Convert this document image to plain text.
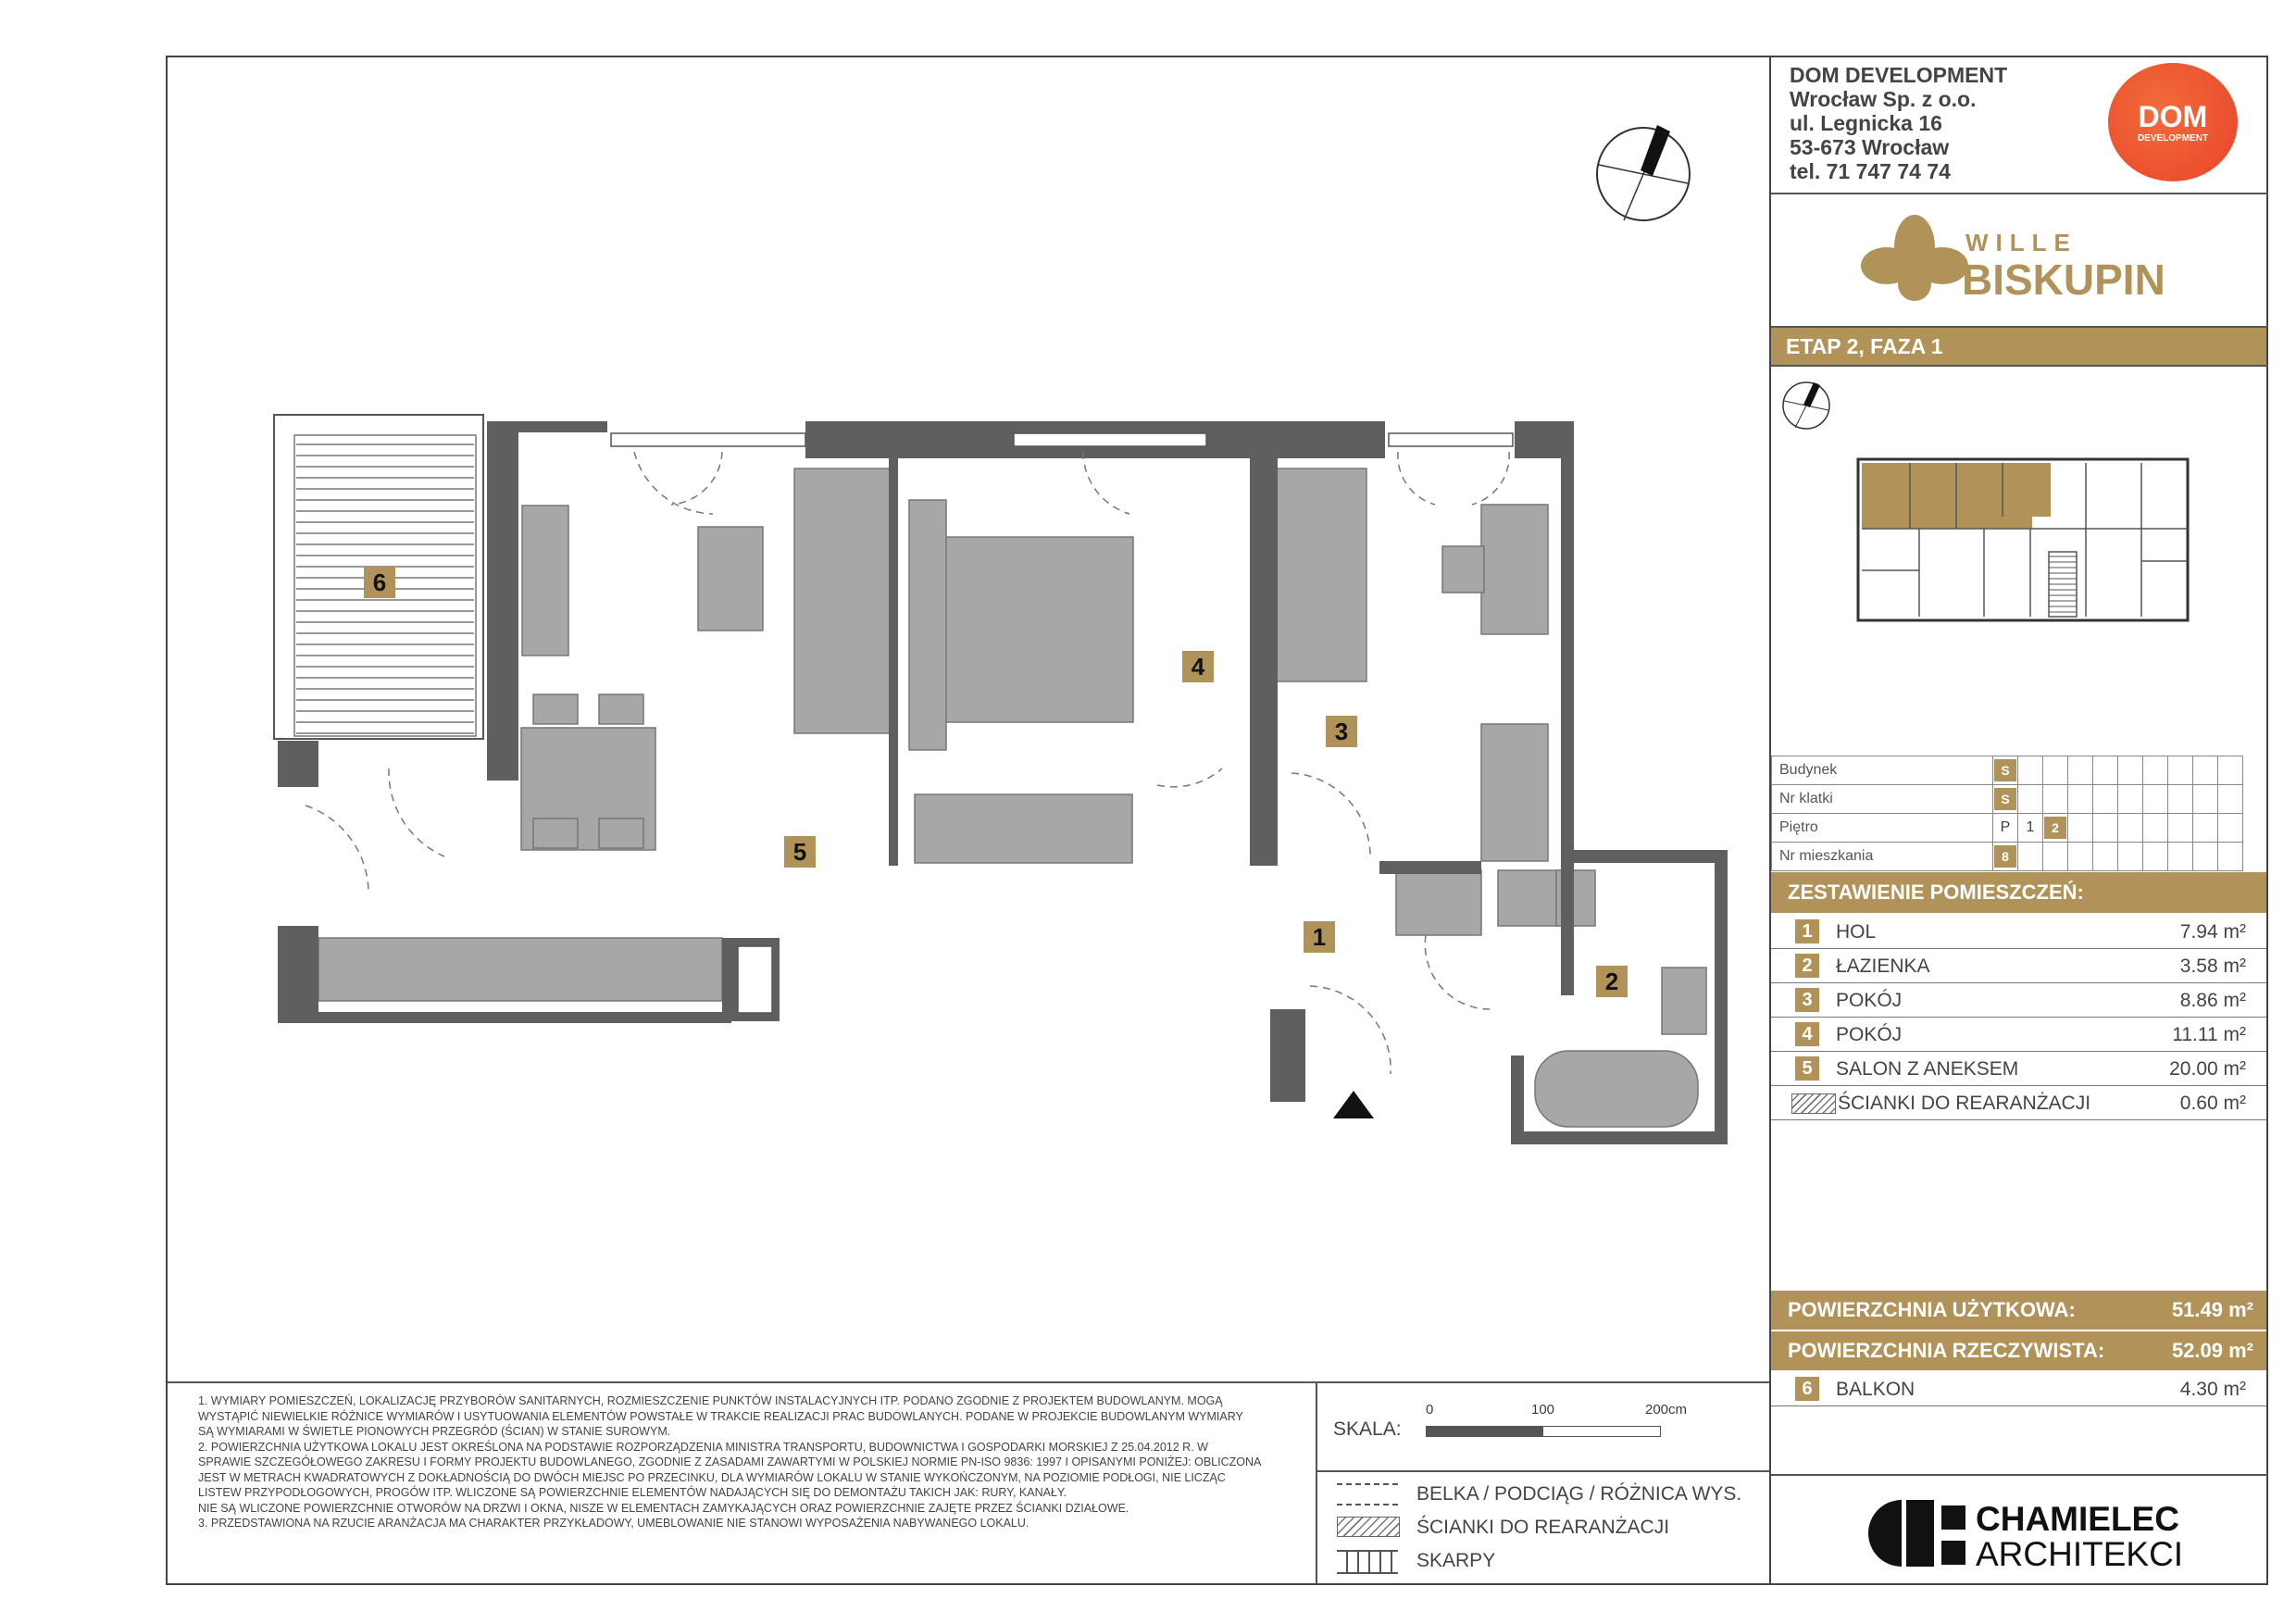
1
2
3
4
5
6
DOM DEVELOPMENT
Wrocław Sp. z o.o.
ul. Legnicka 16
53-673 Wrocław
tel. 71 747 74 74
DOM
DEVELOPMENT
WILLE
BISKUPIN
ETAP 2, FAZA 1
Budynek	S									
Nr klatki	S									
Piętro	P	1	2							
Nr mieszkania	8									
ZESTAWIENIE POMIESZCZEŃ:
1	HOL	7.94 m²
2	ŁAZIENKA	3.58 m²
3	POKÓJ	8.86 m²
4	POKÓJ	11.11 m²
5	SALON Z ANEKSEM	20.00 m²
ŚCIANKI DO REARANŻACJI	0.60 m²
POWIERZCHNIA UŻYTKOWA:	51.49 m²
POWIERZCHNIA RZECZYWISTA:	52.09 m²
6	BALKON	4.30 m²
CHAMIELEC
ARCHITEKCI
1. WYMIARY POMIESZCZEŃ, LOKALIZACJĘ PRZYBORÓW SANITARNYCH, ROZMIESZCZENIE PUNKTÓW INSTALACYJNYCH ITP. PODANO ZGODNIE Z PROJEKTEM BUDOWLANYM. MOGĄ
WYSTĄPIĆ NIEWIELKIE RÓŻNICE WYMIARÓW I USYTUOWANIA ELEMENTÓW POWSTAŁE W TRAKCIE REALIZACJI PRAC BUDOWLANYCH. PODANE W PROJEKCIE BUDOWLANYM WYMIARY
SĄ WYMIARAMI W ŚWIETLE PIONOWYCH PRZEGRÓD (ŚCIAN) W STANIE SUROWYM.
2. POWIERZCHNIA UŻYTKOWA LOKALU JEST OKREŚLONA NA PODSTAWIE ROZPORZĄDZENIA MINISTRA TRANSPORTU, BUDOWNICTWA I GOSPODARKI MORSKIEJ Z 25.04.2012 R. W
SPRAWIE SZCZEGÓŁOWEGO ZAKRESU I FORMY PROJEKTU BUDOWLANEGO, ZGODNIE Z ZASADAMI ZAWARTYMI W POLSKIEJ NORMIE PN-ISO 9836: 1997 I OPISANYMI PONIŻEJ: OBLICZONA
JEST W METRACH KWADRATOWYCH Z DOKŁADNOŚCIĄ DO DWÓCH MIEJSC PO PRZECINKU, DLA WYMIARÓW LOKALU W STANIE WYKOŃCZONYM, NA POZIOMIE PODŁOGI, NIE LICZĄC
LISTEW PRZYPODŁOGOWYCH, PROGÓW ITP. WLICZONE SĄ POWIERZCHNIE ELEMENTÓW NADAJĄCYCH SIĘ DO DEMONTAŻU TAKICH JAK: RURY, KANAŁY.
NIE SĄ WLICZONE POWIERZCHNIE OTWORÓW NA DRZWI I OKNA, NISZE W ELEMENTACH ZAMYKAJĄCYCH ORAZ POWIERZCHNIE ZAJĘTE PRZEZ ŚCIANKI DZIAŁOWE.
3. PRZEDSTAWIONA NA RZUCIE ARANŻACJA MA CHARAKTER PRZYKŁADOWY, UMEBLOWANIE NIE STANOWI WYPOSAŻENIA NABYWANEGO LOKALU.
SKALA:
0	100	200cm
BELKA / PODCIĄG / RÓŻNICA WYS.
ŚCIANKI DO REARANŻACJI
SKARPY
